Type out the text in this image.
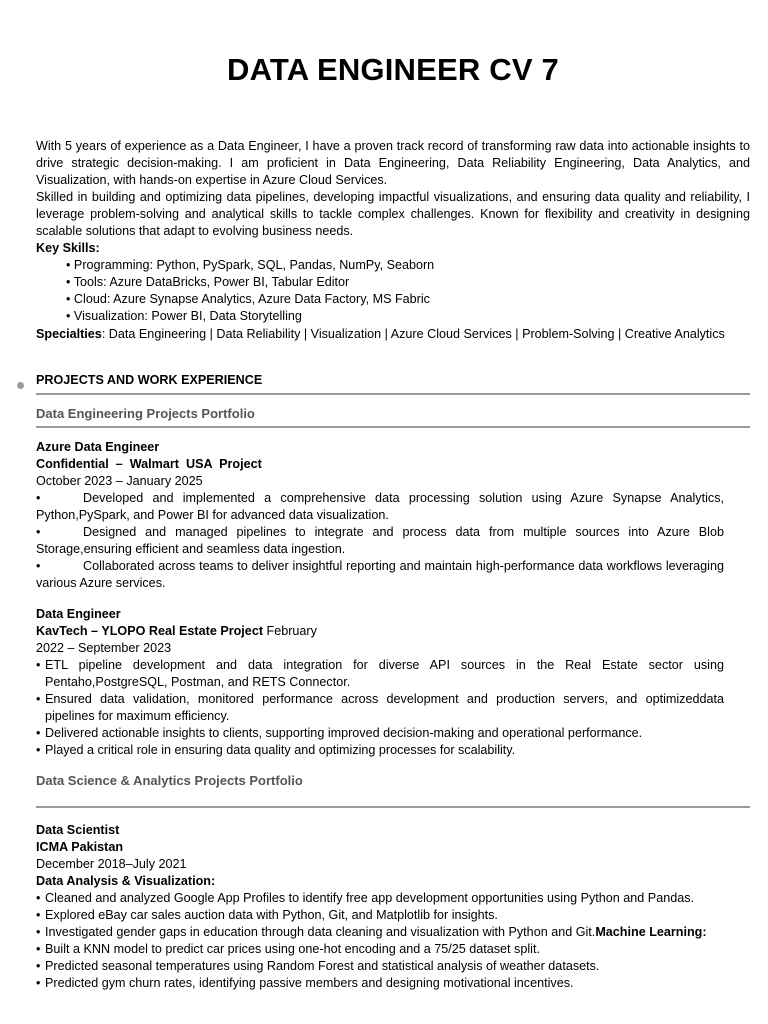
DATA ENGINEER CV 7
With 5 years of experience as a Data Engineer, I have a proven track record of transforming raw data into actionable insights to drive strategic decision-making. I am proficient in Data Engineering, Data Reliability Engineering, Data Analytics, and Visualization, with hands-on expertise in Azure Cloud Services.
Skilled in building and optimizing data pipelines, developing impactful visualizations, and ensuring data quality and reliability, I leverage problem-solving and analytical skills to tackle complex challenges. Known for flexibility and creativity in designing scalable solutions that adapt to evolving business needs.
Key Skills:
• Programming: Python, PySpark, SQL, Pandas, NumPy, Seaborn
• Tools: Azure DataBricks, Power BI, Tabular Editor
• Cloud: Azure Synapse Analytics, Azure Data Factory, MS Fabric
• Visualization: Power BI, Data Storytelling
Specialties: Data Engineering | Data Reliability | Visualization | Azure Cloud Services | Problem-Solving | Creative Analytics
PROJECTS AND WORK EXPERIENCE
Data Engineering Projects Portfolio
Azure Data Engineer
Confidential  –  Walmart  USA  Project
October 2023 – January 2025
•	Developed and implemented a comprehensive data processing solution using Azure Synapse Analytics, Python,PySpark, and Power BI for advanced data visualization.
•	Designed and managed pipelines to integrate and process data from multiple sources into Azure Blob Storage,ensuring efficient and seamless data ingestion.
•	Collaborated across teams to deliver insightful reporting and maintain high-performance data workflows leveraging various Azure services.
Data Engineer
KavTech – YLOPO Real Estate Project February
2022 – September 2023
• ETL pipeline development and data integration for diverse API sources in the Real Estate sector using Pentaho,PostgreSQL, Postman, and RETS Connector.
• Ensured data validation, monitored performance across development and production servers, and optimizeddata pipelines for maximum efficiency.
• Delivered actionable insights to clients, supporting improved decision-making and operational performance.
• Played a critical role in ensuring data quality and optimizing processes for scalability.
Data Science & Analytics Projects Portfolio
Data Scientist
ICMA Pakistan
December 2018–July 2021
Data Analysis & Visualization:
• Cleaned and analyzed Google App Profiles to identify free app development opportunities using Python and Pandas.
• Explored eBay car sales auction data with Python, Git, and Matplotlib for insights.
• Investigated gender gaps in education through data cleaning and visualization with Python and Git.Machine Learning:
• Built a KNN model to predict car prices using one-hot encoding and a 75/25 dataset split.
• Predicted seasonal temperatures using Random Forest and statistical analysis of weather datasets.
• Predicted gym churn rates, identifying passive members and designing motivational incentives.
